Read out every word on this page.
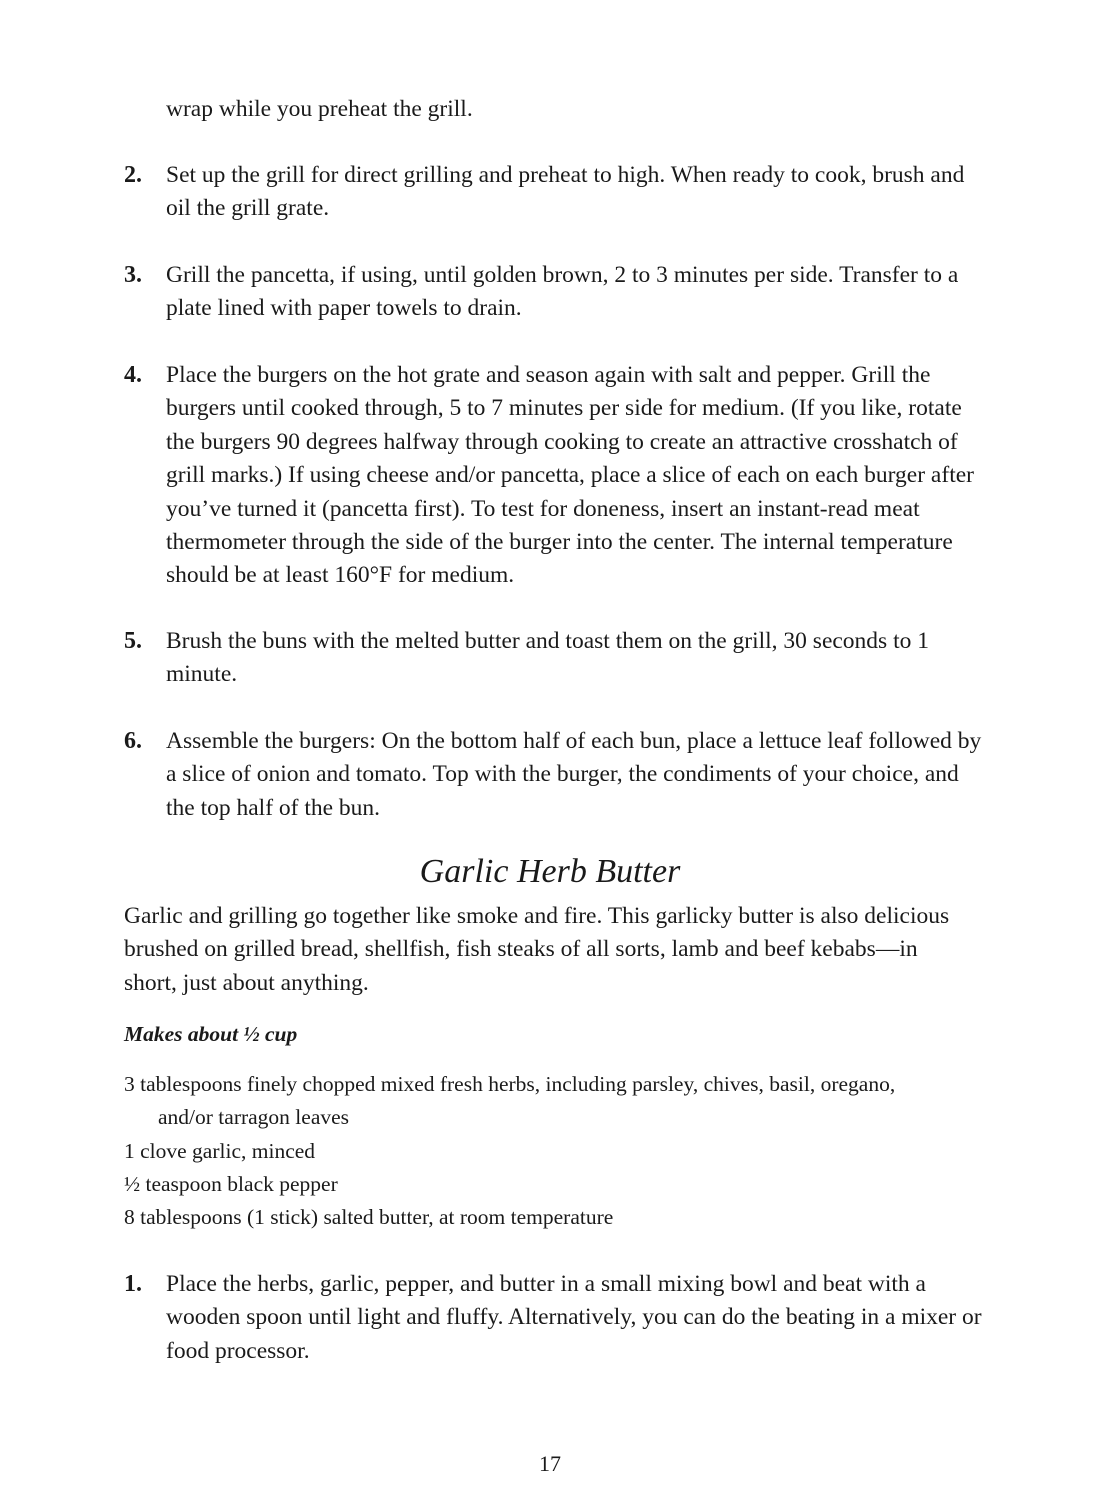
wrap while you preheat the grill.

2. Set up the grill for direct grilling and preheat to high. When ready to cook, brush and oil the grill grate.
3. Grill the pancetta, if using, until golden brown, 2 to 3 minutes per side. Transfer to a plate lined with paper towels to drain.
4. Place the burgers on the hot grate and season again with salt and pepper. Grill the burgers until cooked through, 5 to 7 minutes per side for medium. (If you like, rotate the burgers 90 degrees halfway through cooking to create an attractive crosshatch of grill marks.) If using cheese and/or pancetta, place a slice of each on each burger after you’ve turned it (pancetta first). To test for doneness, insert an instant-read meat thermometer through the side of the burger into the center. The internal temperature should be at least 160°F for medium.
5. Brush the buns with the melted butter and toast them on the grill, 30 seconds to 1 minute.
6. Assemble the burgers: On the bottom half of each bun, place a lettuce leaf followed by a slice of onion and tomato. Top with the burger, the condiments of your choice, and the top half of the bun.
Garlic Herb Butter

Garlic and grilling go together like smoke and fire. This garlicky butter is also delicious brushed on grilled bread, shellfish, fish steaks of all sorts, lamb and beef kebabs—in short, just about anything.

Makes about ½ cup

3 tablespoons finely chopped mixed fresh herbs, including parsley, chives, basil, oregano,
and/or tarragon leaves
1 clove garlic, minced
½ teaspoon black pepper
8 tablespoons (1 stick) salted butter, at room temperature
1. Place the herbs, garlic, pepper, and butter in a small mixing bowl and beat with a wooden spoon until light and fluffy. Alternatively, you can do the beating in a mixer or food processor.

17
